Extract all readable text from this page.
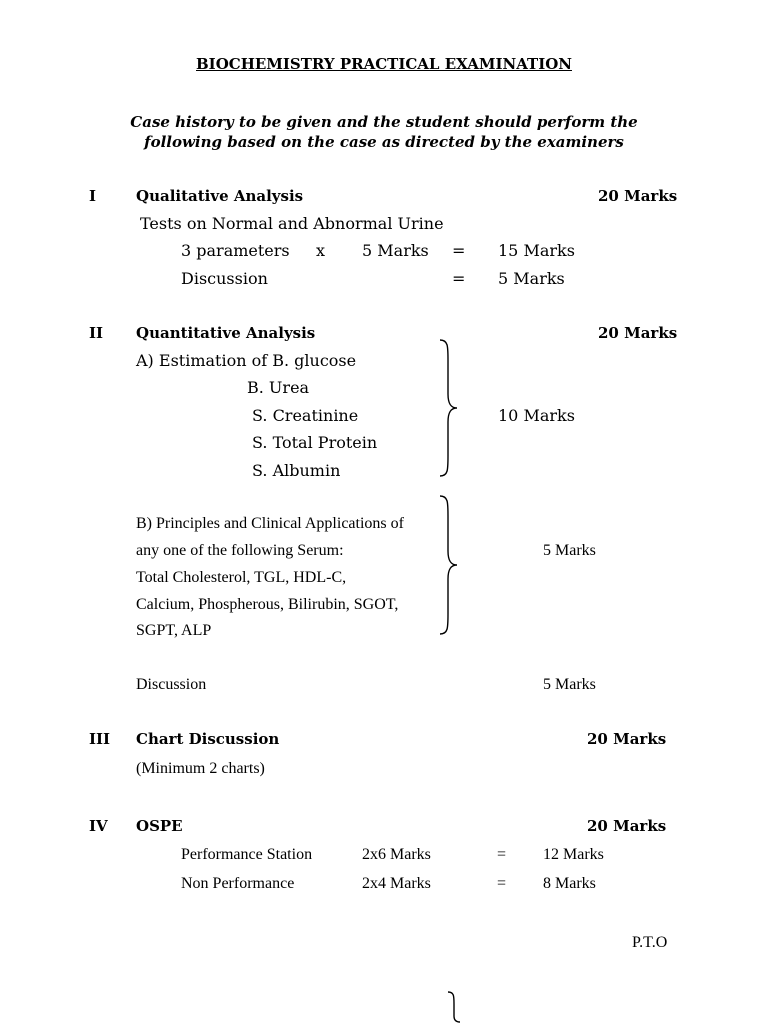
BIOCHEMISTRY PRACTICAL EXAMINATION
Case history to be given and the student should perform the
following based on the case as directed by the examiners
I	Qualitative Analysis	20 Marks
Tests on Normal and Abnormal Urine
3 parameters x 5 Marks = 15 Marks
Discussion	= 5 Marks
II Quantitative Analysis	20 Marks
A) Estimation of B. glucose
B. Urea
S. Creatinine
S. Total Protein
S. Albumin
10 Marks
B) Principles and Clinical Applications of
any one of the following Serum:
Total Cholesterol, TGL, HDL-C,
Calcium, Phospherous, Bilirubin, SGOT,
SGPT, ALP
5 Marks
Discussion	5 Marks
III Chart Discussion	20 Marks
(Minimum 2 charts)
IV OSPE	20 Marks
Performance Station	2x6 Marks	= 12 Marks
Non Performance	2x4 Marks	= 8 Marks
P.T.O
